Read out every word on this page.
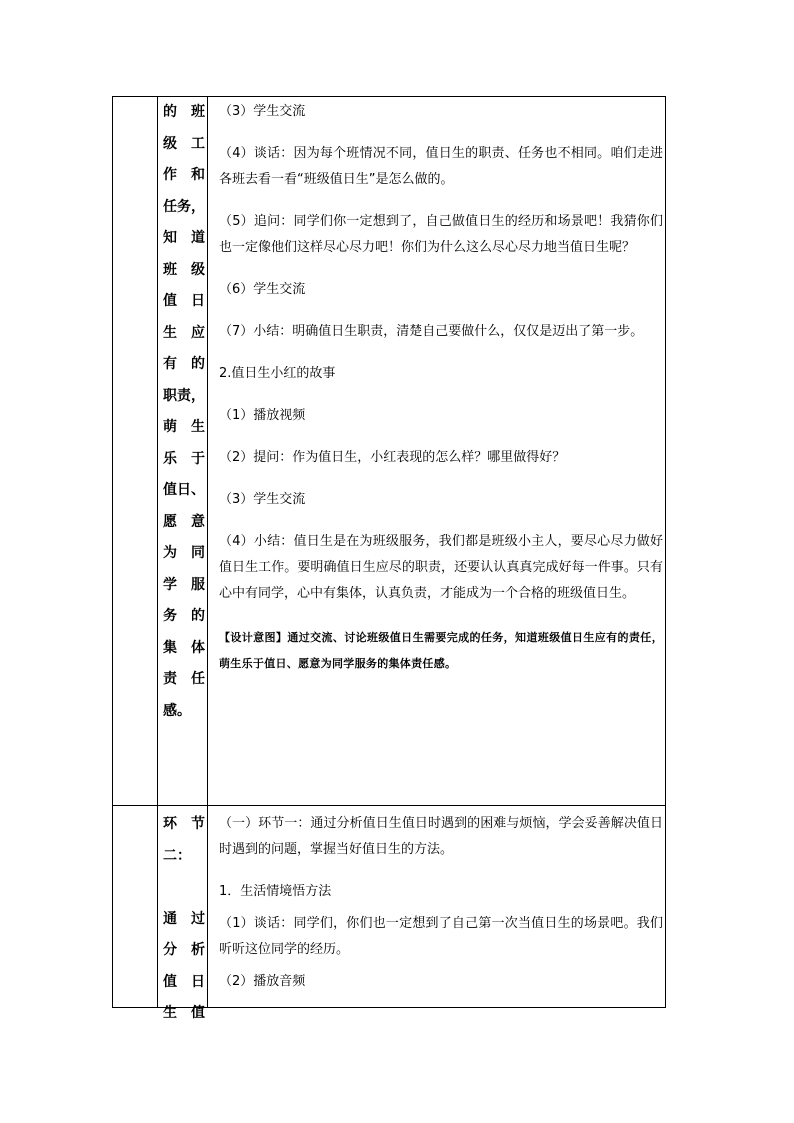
的 班
级 工
作 和
任务，
知 道
班 级
值 日
生 应
有 的
职责，
萌 生
乐 于
值日、
愿 意
为 同
学 服
务 的
集 体
责 任
感。

（3）学生交流

（4）谈话：因为每个班情况不同，值日生的职责、任务也不相同。咱们走进各班去看一看“班级值日生”是怎么做的。

（5）追问：同学们你一定想到了，自己做值日生的经历和场景吧！我猜你们也一定像他们这样尽心尽力吧！你们为什么这么尽心尽力地当值日生呢？

（6）学生交流

（7）小结：明确值日生职责，清楚自己要做什么，仅仅是迈出了第一步。

2.值日生小红的故事

（1）播放视频

（2）提问：作为值日生，小红表现的怎么样？哪里做得好？

（3）学生交流

（4）小结：值日生是在为班级服务，我们都是班级小主人，要尽心尽力做好值日生工作。要明确值日生应尽的职责，还要认认真真完成好每一件事。只有心中有同学，心中有集体，认真负责，才能成为一个合格的班级值日生。

【设计意图】通过交流、讨论班级值日生需要完成的任务，知道班级值日生应有的责任，萌生乐于值日、愿意为同学服务的集体责任感。

环 节
二：
通 过
分 析
值 日
生 值

（一）环节一：通过分析值日生值日时遇到的困难与烦恼，学会妥善解决值日时遇到的问题，掌握当好值日生的方法。

1．生活情境悟方法

（1）谈话：同学们，你们也一定想到了自己第一次当值日生的场景吧。我们听听这位同学的经历。

（2）播放音频
